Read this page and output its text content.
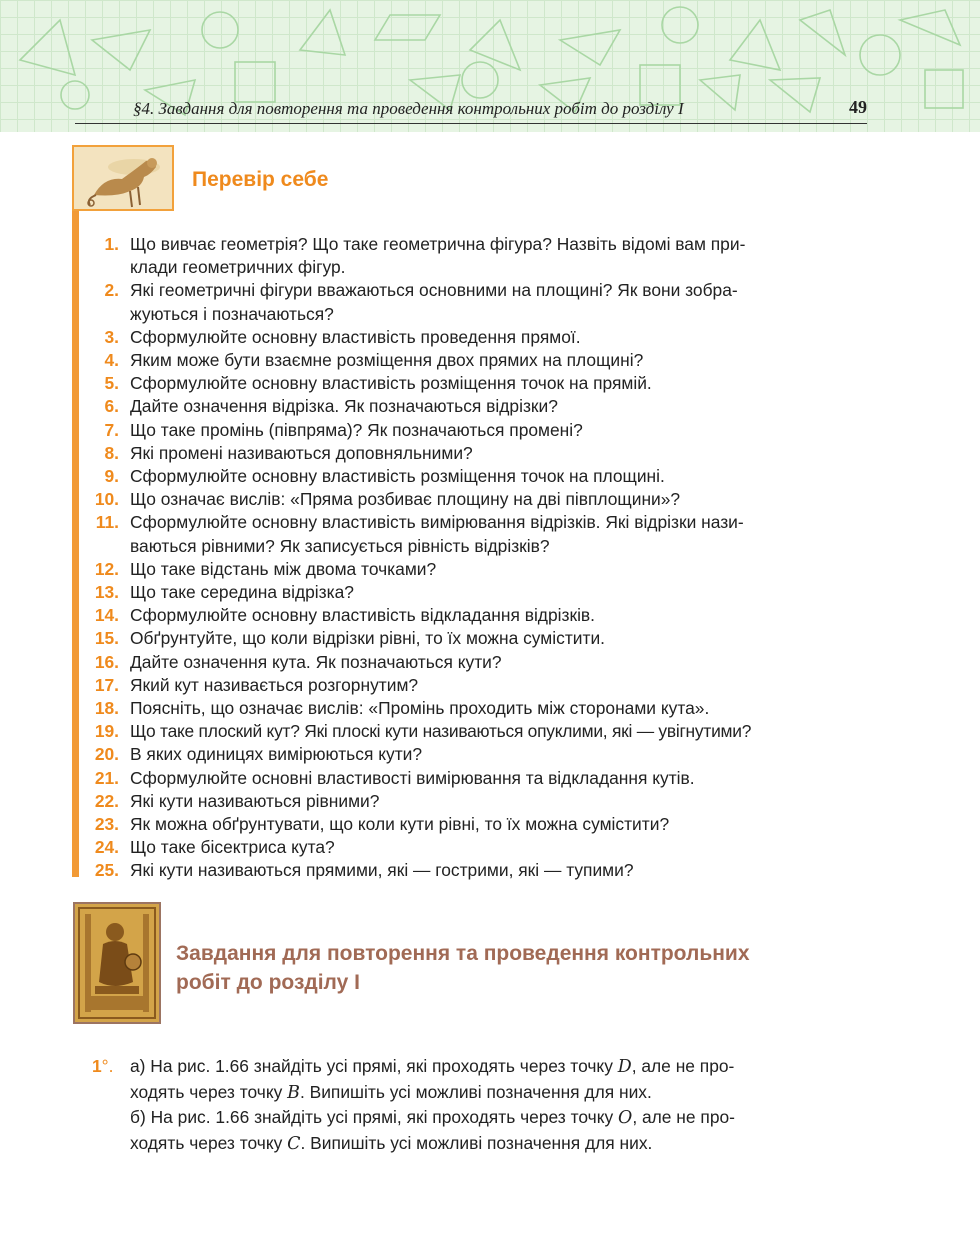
§4. Завдання для повторення та проведення контрольних робіт до розділу I	49
Перевір себе
1. Що вивчає геометрія? Що таке геометрична фігура? Назвіть відомі вам при-
клади геометричних фігур.
2. Які геометричні фігури вважаються основними на площині? Як вони зобра-
жуються і позначаються?
3. Сформулюйте основну властивість проведення прямої.
4. Яким може бути взаємне розміщення двох прямих на площині?
5. Сформулюйте основну властивість розміщення точок на прямій.
6. Дайте означення відрізка. Як позначаються відрізки?
7. Що таке промінь (півпряма)? Як позначаються промені?
8. Які промені називаються доповняльними?
9. Сформулюйте основну властивість розміщення точок на площині.
10. Що означає вислів: «Пряма розбиває площину на дві півплощини»?
11. Сформулюйте основну властивість вимірювання відрізків. Які відрізки нази-
ваються рівними? Як записується рівність відрізків?
12. Що таке відстань між двома точками?
13. Що таке середина відрізка?
14. Сформулюйте основну властивість відкладання відрізків.
15. Обґрунтуйте, що коли відрізки рівні, то їх можна сумістити.
16. Дайте означення кута. Як позначаються кути?
17. Який кут називається розгорнутим?
18. Поясніть, що означає вислів: «Промінь проходить між сторонами кута».
19. Що таке плоский кут? Які плоскі кути називаються опуклими, які — увігнутими?
20. В яких одиницях вимірюються кути?
21. Сформулюйте основні властивості вимірювання та відкладання кутів.
22. Які кути називаються рівними?
23. Як можна обґрунтувати, що коли кути рівні, то їх можна сумістити?
24. Що таке бісектриса кута?
25. Які кути називаються прямими, які — гострими, які — тупими?
Завдання для повторення та проведення контрольних
робіт до розділу I
1°. а) На рис. 1.66 знайдіть усі прямі, які проходять через точку D, але не про-
ходять через точку B. Випишіть усі можливі позначення для них.
б) На рис. 1.66 знайдіть усі прямі, які проходять через точку O, але не про-
ходять через точку C. Випишіть усі можливі позначення для них.
